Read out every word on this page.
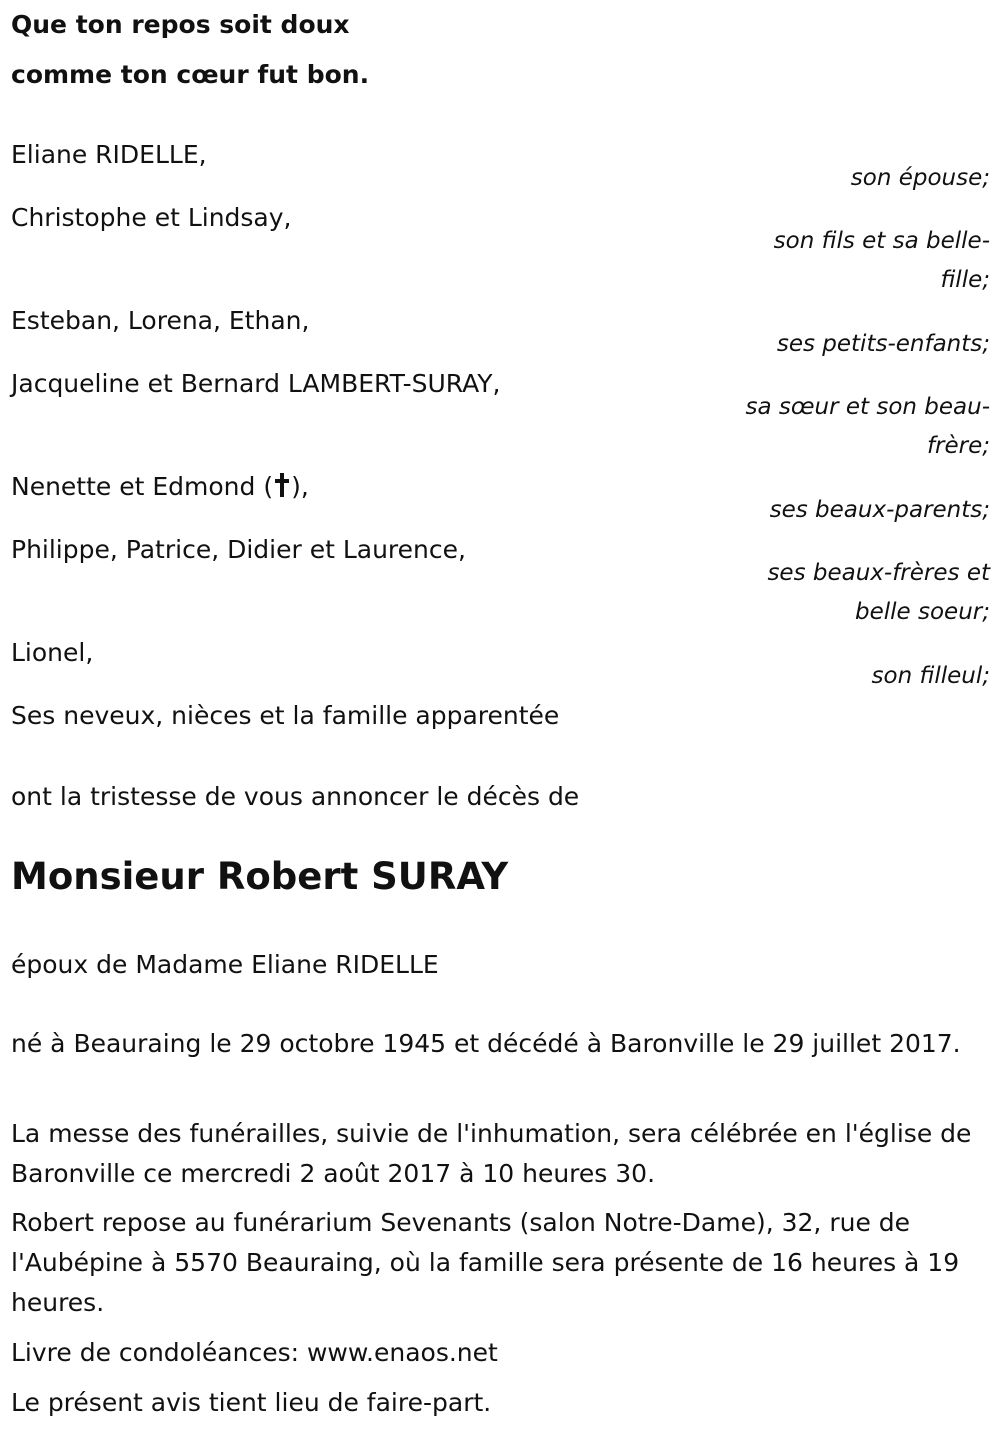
Que ton repos soit doux

comme ton cœur fut bon.

Eliane RIDELLE,

son épouse;

Christophe et Lindsay,

son fils et sa belle-fille;

Esteban, Lorena, Ethan,

ses petits-enfants;

Jacqueline et Bernard LAMBERT-SURAY,

sa sœur et son beau-frère;

Nenette et Edmond ( ),

ses beaux-parents;

Philippe, Patrice, Didier et Laurence,

ses beaux-frères et belle soeur;

Lionel,

son filleul;

Ses neveux, nièces et la famille apparentée

ont la tristesse de vous annoncer le décès de

Monsieur Robert SURAY

époux de Madame Eliane RIDELLE

né à Beauraing le 29 octobre 1945 et décédé à Baronville le 29 juillet 2017.

La messe des funérailles, suivie de l'inhumation, sera célébrée en l'église de Baronville ce mercredi 2 août 2017 à 10 heures 30.

Robert repose au funérarium Sevenants (salon Notre-Dame), 32, rue de l'Aubépine à 5570 Beauraing, où la famille sera présente de 16 heures à 19 heures.

Livre de condoléances: www.enaos.net

Le présent avis tient lieu de faire-part.
